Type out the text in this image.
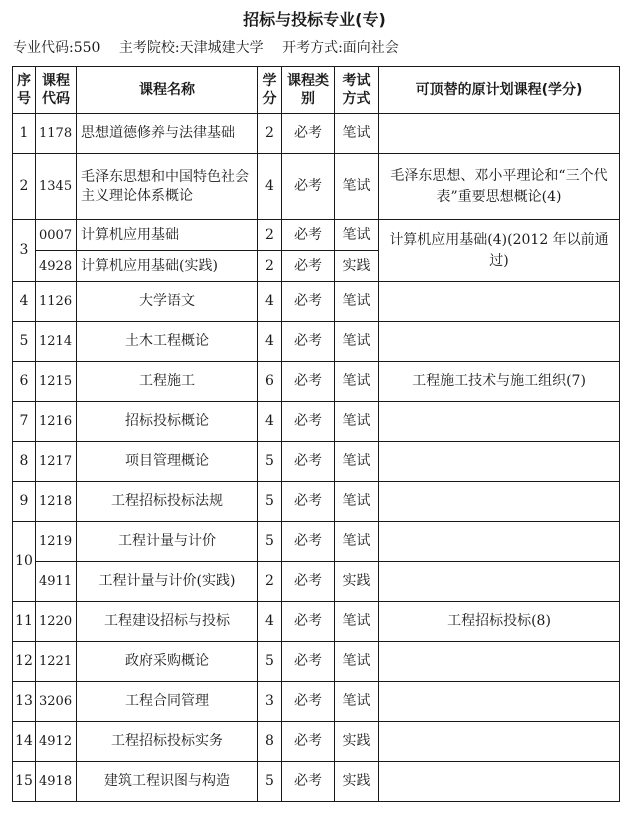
招标与投标专业(专)
专业代码:550 主考院校:天津城建大学 开考方式:面向社会
序号	课程代码	课程名称	学分	课程类别	考试方式	可顶替的原计划课程(学分)
1	1178	思想道德修养与法律基础	2	必考	笔试	
2	1345	毛泽东思想和中国特色社会主义理论体系概论	4	必考	笔试	毛泽东思想、邓小平理论和“三个代表”重要思想概论(4)
3	0007	计算机应用基础	2	必考	笔试	计算机应用基础(4)(2012 年以前通过)
	4928	计算机应用基础(实践)	2	必考	实践	
4	1126	大学语文	4	必考	笔试	
5	1214	土木工程概论	4	必考	笔试	
6	1215	工程施工	6	必考	笔试	工程施工技术与施工组织(7)
7	1216	招标投标概论	4	必考	笔试	
8	1217	项目管理概论	5	必考	笔试	
9	1218	工程招标投标法规	5	必考	笔试	
10	1219	工程计量与计价	5	必考	笔试	
	4911	工程计量与计价(实践)	2	必考	实践	
11	1220	工程建设招标与投标	4	必考	笔试	工程招标投标(8)
12	1221	政府采购概论	5	必考	笔试	
13	3206	工程合同管理	3	必考	笔试	
14	4912	工程招标投标实务	8	必考	实践	
15	4918	建筑工程识图与构造	5	必考	实践	
